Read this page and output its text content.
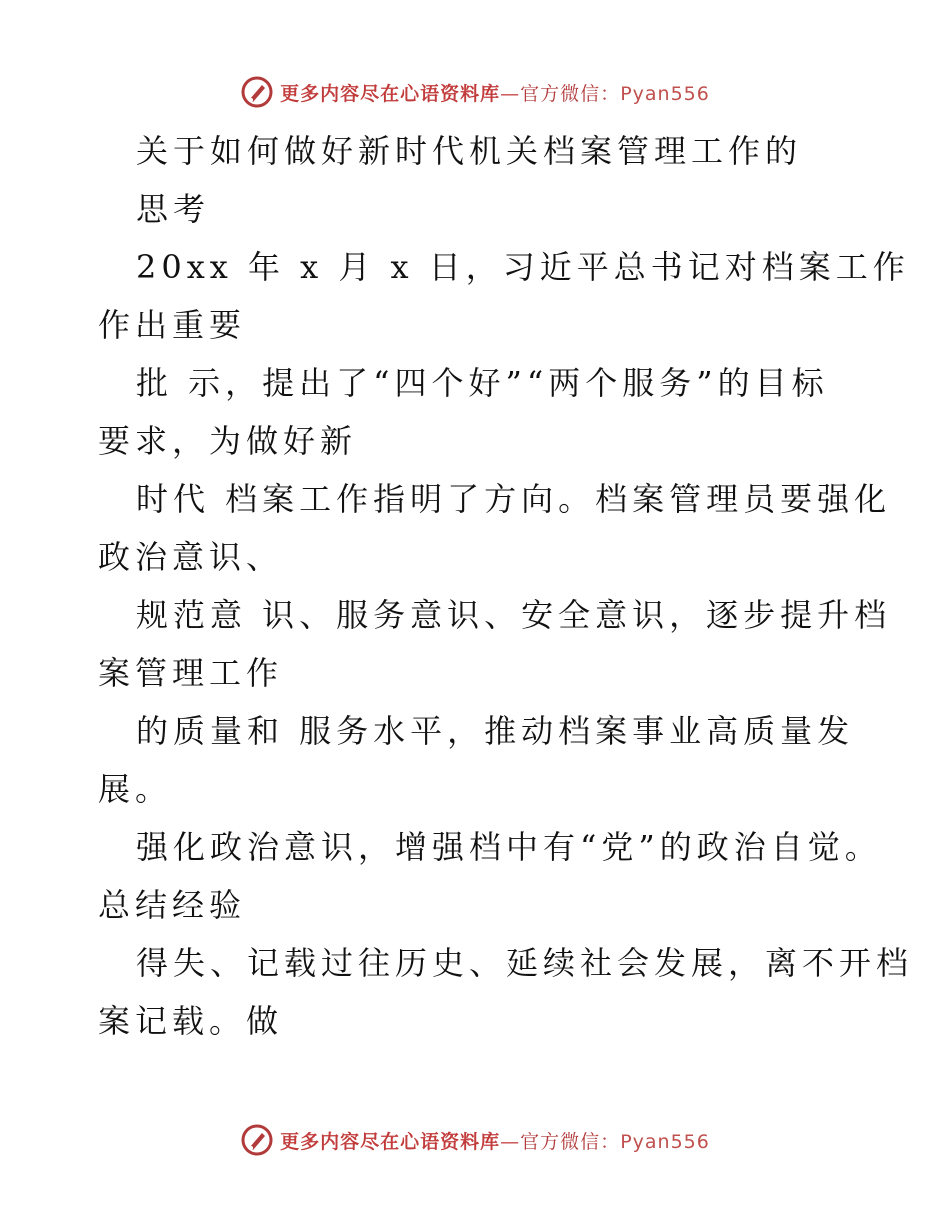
更多内容尽在心语资料库—官方微信：Pyan556
关于如何做好新时代机关档案管理工作的
思考
20xx 年 x 月 x 日，习近平总书记对档案工作
作出重要
批 示，提出了“四个好”“两个服务”的目标
要求，为做好新
时代 档案工作指明了方向。档案管理员要强化
政治意识、
规范意 识、服务意识、安全意识，逐步提升档
案管理工作
的质量和 服务水平，推动档案事业高质量发
展。
强化政治意识，增强档中有“党”的政治自觉。
总结经验
得失、记载过往历史、延续社会发展，离不开档
案记载。做
更多内容尽在心语资料库—官方微信：Pyan556
